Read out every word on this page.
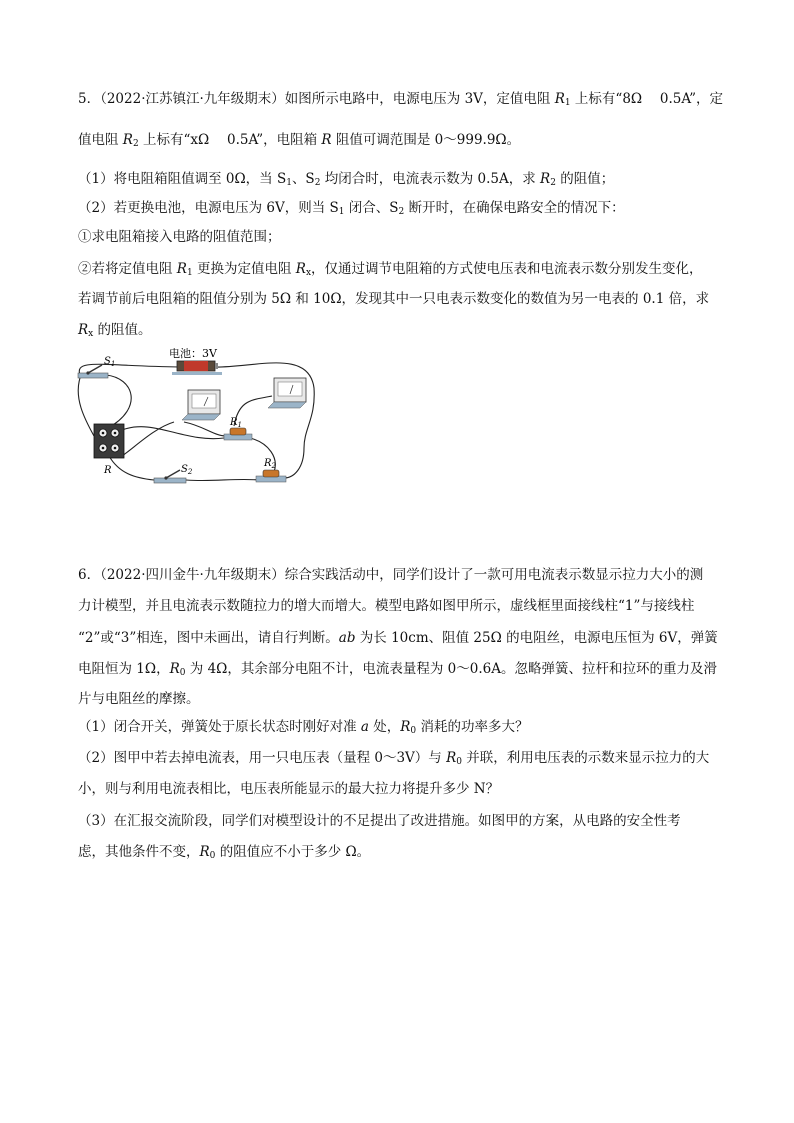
5．（2022·江苏镇江·九年级期末）如图所示电路中，电源电压为 3V，定值电阻 $R_1$ 上标有“8Ω　 0.5A”，定
值电阻 $R_2$ 上标有“xΩ　 0.5A”，电阻箱 R 阻值可调范围是 0～999.9Ω。
（1）将电阻箱阻值调至 0Ω，当 $S_1$、$S_2$ 均闭合时，电流表示数为 0.5A，求 $R_2$ 的阻值；
（2）若更换电池，电源电压为 6V，则当 $S_1$ 闭合、$S_2$ 断开时，在确保电路安全的情况下：
①求电阻箱接入电路的阻值范围；
②若将定值电阻 $R_1$ 更换为定值电阻 $R_x$，仅通过调节电阻箱的方式使电压表和电流表示数分别发生变化，
若调节前后电阻箱的阻值分别为 5Ω 和 10Ω，发现其中一只电表示数变化的数值为另一电表的 0.1 倍，求
$R_x$ 的阻值。
电池：3V
$S_1$
$R_1$
$R_2$
R	$S_2$
6．（2022·四川金牛·九年级期末）综合实践活动中，同学们设计了一款可用电流表示数显示拉力大小的测
力计模型，并且电流表示数随拉力的增大而增大。模型电路如图甲所示，虚线框里面接线柱“1”与接线柱
“2”或“3”相连，图中未画出，请自行判断。ab 为长 10cm、阻值 25Ω 的电阻丝，电源电压恒为 6V，弹簧
电阻恒为 1Ω，$R_0$ 为 4Ω，其余部分电阻不计，电流表量程为 0～0.6A。忽略弹簧、拉杆和拉环的重力及滑
片与电阻丝的摩擦。
（1）闭合开关，弹簧处于原长状态时刚好对准 a 处，$R_0$ 消耗的功率多大？
（2）图甲中若去掉电流表，用一只电压表（量程 0～3V）与 $R_0$ 并联，利用电压表的示数来显示拉力的大
小，则与利用电流表相比，电压表所能显示的最大拉力将提升多少 N？
（3）在汇报交流阶段，同学们对模型设计的不足提出了改进措施。如图甲的方案，从电路的安全性考
虑，其他条件不变，$R_0$ 的阻值应不小于多少 Ω。
